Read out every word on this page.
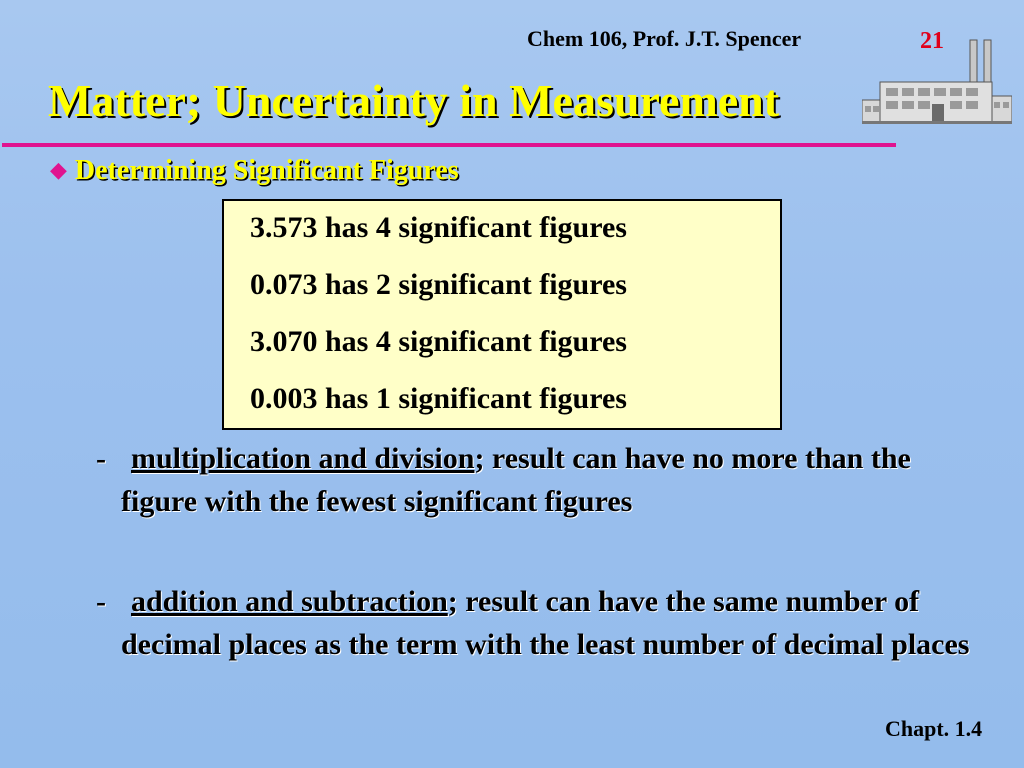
Chem 106, Prof. J.T. Spencer	21
Matter; Uncertainty in Measurement
◆ Determining Significant Figures
3.573 has 4 significant figures
0.073 has 2 significant figures
3.070 has 4 significant figures
0.003 has 1 significant figures
- multiplication and division; result can have no more than the figure with the fewest significant figures
- addition and subtraction; result can have the same number of decimal places as the term with the least number of decimal places
Chapt. 1.4
